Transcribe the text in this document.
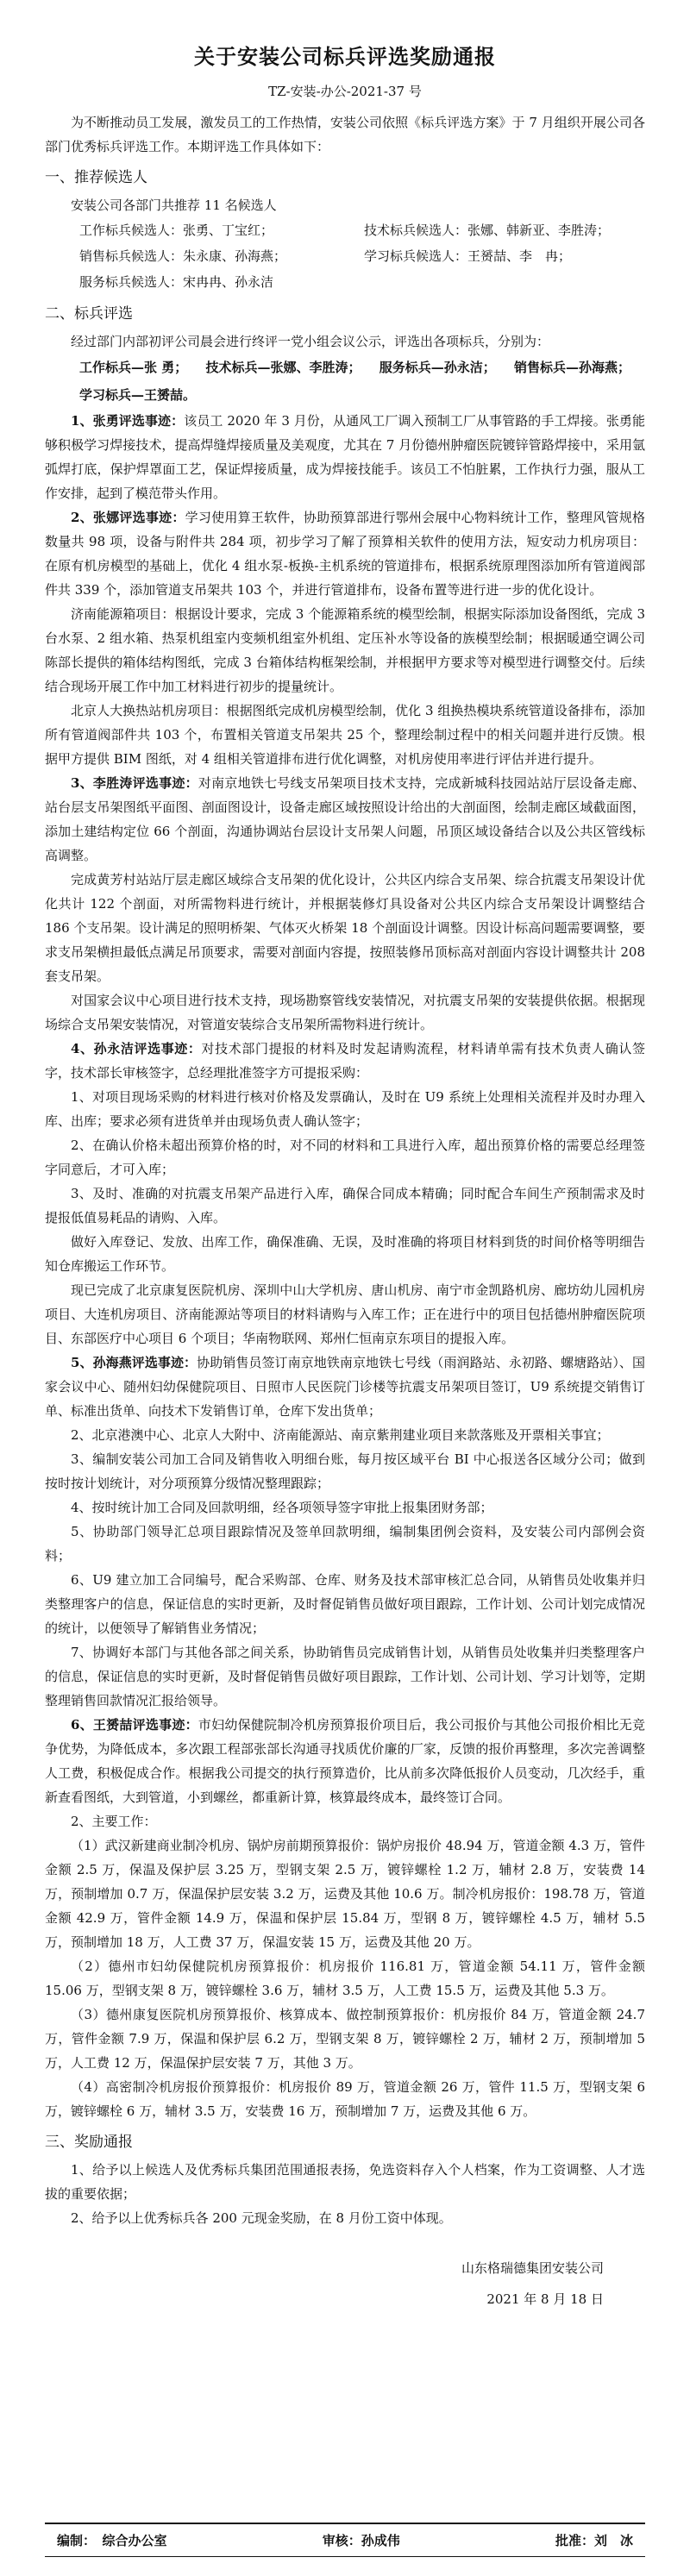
关于安装公司标兵评选奖励通报
TZ-安装-办公-2021-37 号

为不断推动员工发展，激发员工的工作热情，安装公司依照《标兵评选方案》于 7 月组织开展公司各部门优秀标兵评选工作。本期评选工作具体如下：

一、推荐候选人

安装公司各部门共推荐 11 名候选人

工作标兵候选人：张勇、丁宝红；	技术标兵候选人：张娜、韩新亚、李胜涛；
销售标兵候选人：朱永康、孙海燕；	学习标兵候选人：王赟喆、李　冉；
服务标兵候选人：宋冉冉、孙永洁
二、标兵评选

经过部门内部初评公司晨会进行终评一党小组会议公示，评选出各项标兵，分别为：

工作标兵—张 勇； 技术标兵—张娜、李胜涛； 服务标兵—孙永洁； 销售标兵—孙海燕；
学习标兵—王赟喆。

1、张勇评选事迹：该员工 2020 年 3 月份，从通风工厂调入预制工厂从事管路的手工焊接。张勇能够积极学习焊接技术，提高焊缝焊接质量及美观度，尤其在 7 月份德州肿瘤医院镀锌管路焊接中，采用氩弧焊打底，保护焊罩面工艺，保证焊接质量，成为焊接技能手。该员工不怕脏累，工作执行力强，服从工作安排，起到了模范带头作用。

2、张娜评选事迹：学习使用算王软件，协助预算部进行鄂州会展中心物料统计工作，整理风管规格数量共 98 项，设备与附件共 284 项，初步学习了解了预算相关软件的使用方法，短安动力机房项目：在原有机房模型的基础上，优化 4 组水泵-板换-主机系统的管道排布，根据系统原理图添加所有管道阀部件共 339 个，添加管道支吊架共 103 个，并进行管道排布，设备布置等进行进一步的优化设计。

济南能源箱项目：根据设计要求，完成 3 个能源箱系统的模型绘制，根据实际添加设备图纸，完成 3 台水泵、2 组水箱、热泵机组室内变频机组室外机组、定压补水等设备的族模型绘制；根据暖通空调公司陈部长提供的箱体结构图纸，完成 3 台箱体结构框架绘制，并根据甲方要求等对模型进行调整交付。后续结合现场开展工作中加工材料进行初步的提量统计。

北京人大换热站机房项目：根据图纸完成机房模型绘制，优化 3 组换热模块系统管道设备排布，添加所有管道阀部件共 103 个，布置相关管道支吊架共 25 个，整理绘制过程中的相关问题并进行反馈。根据甲方提供 BIM 图纸，对 4 组相关管道排布进行优化调整，对机房使用率进行评估并进行提升。

3、李胜涛评选事迹：对南京地铁七号线支吊架项目技术支持，完成新城科技园站站厅层设备走廊、站台层支吊架图纸平面图、剖面图设计，设备走廊区域按照设计给出的大剖面图，绘制走廊区域截面图，添加土建结构定位 66 个剖面，沟通协调站台层设计支吊架人问题，吊顶区域设备结合以及公共区管线标高调整。

完成黄芳村站站厅层走廊区域综合支吊架的优化设计，公共区内综合支吊架、综合抗震支吊架设计优化共计 122 个剖面，对所需物料进行统计，并根据装修灯具设备对公共区内综合支吊架设计调整结合 186 个支吊架。设计满足的照明桥架、气体灭火桥架 18 个剖面设计调整。因设计标高问题需要调整，要求支吊架横担最低点满足吊顶要求，需要对剖面内容提，按照装修吊顶标高对剖面内容设计调整共计 208 套支吊架。

对国家会议中心项目进行技术支持，现场勘察管线安装情况，对抗震支吊架的安装提供依据。根据现场综合支吊架安装情况，对管道安装综合支吊架所需物料进行统计。

4、孙永洁评选事迹：对技术部门提报的材料及时发起请购流程，材料请单需有技术负责人确认签字，技术部长审核签字，总经理批准签字方可提报采购：

1、对项目现场采购的材料进行核对价格及发票确认，及时在 U9 系统上处理相关流程并及时办理入库、出库；要求必须有进货单并由现场负责人确认签字；

2、在确认价格未超出预算价格的时，对不同的材料和工具进行入库，超出预算价格的需要总经理签字同意后，才可入库；

3、及时、准确的对抗震支吊架产品进行入库，确保合同成本精确；同时配合车间生产预制需求及时提报低值易耗品的请购、入库。

做好入库登记、发放、出库工作，确保准确、无误，及时准确的将项目材料到货的时间价格等明细告知仓库搬运工作环节。

现已完成了北京康复医院机房、深圳中山大学机房、唐山机房、南宁市金凯路机房、廊坊幼儿园机房项目、大连机房项目、济南能源站等项目的材料请购与入库工作；正在进行中的项目包括德州肿瘤医院项目、东部医疗中心项目 6 个项目；华南物联网、郑州仁恒南京东项目的提报入库。

5、孙海燕评选事迹：协助销售员签订南京地铁南京地铁七号线（雨润路站、永初路、螺塘路站）、国家会议中心、随州妇幼保健院项目、日照市人民医院门诊楼等抗震支吊架项目签订，U9 系统提交销售订单、标准出货单、向技术下发销售订单，仓库下发出货单；

2、北京港澳中心、北京人大附中、济南能源站、南京紫荆建业项目来款落账及开票相关事宜；

3、编制安装公司加工合同及销售收入明细台账，每月按区域平台 BI 中心报送各区域分公司；做到按时按计划统计，对分项预算分级情况整理跟踪；

4、按时统计加工合同及回款明细，经各项领导签字审批上报集团财务部；

5、协助部门领导汇总项目跟踪情况及签单回款明细，编制集团例会资料，及安装公司内部例会资料；

6、U9 建立加工合同编号，配合采购部、仓库、财务及技术部审核汇总合同，从销售员处收集并归类整理客户的信息，保证信息的实时更新，及时督促销售员做好项目跟踪，工作计划、公司计划完成情况的统计，以便领导了解销售业务情况；

7、协调好本部门与其他各部之间关系，协助销售员完成销售计划，从销售员处收集并归类整理客户的信息，保证信息的实时更新，及时督促销售员做好项目跟踪，工作计划、公司计划、学习计划等，定期整理销售回款情况汇报给领导。

6、王赟喆评选事迹：市妇幼保健院制冷机房预算报价项目后，我公司报价与其他公司报价相比无竞争优势，为降低成本，多次跟工程部张部长沟通寻找质优价廉的厂家，反馈的报价再整理，多次完善调整人工费，积极促成合作。根据我公司提交的执行预算造价，比从前多次降低报价人员变动，几次经手，重新查看图纸，大到管道，小到螺丝，都重新计算，核算最终成本，最终签订合同。

2、主要工作：

（1）武汉新建商业制冷机房、锅炉房前期预算报价：锅炉房报价 48.94 万，管道金额 4.3 万，管件金额 2.5 万，保温及保护层 3.25 万，型钢支架 2.5 万，镀锌螺栓 1.2 万，辅材 2.8 万，安装费 14 万，预制增加 0.7 万，保温保护层安装 3.2 万，运费及其他 10.6 万。制冷机房报价：198.78 万，管道金额 42.9 万，管件金额 14.9 万，保温和保护层 15.84 万，型钢 8 万，镀锌螺栓 4.5 万，辅材 5.5 万，预制增加 18 万，人工费 37 万，保温安装 15 万，运费及其他 20 万。

（2）德州市妇幼保健院机房预算报价：机房报价 116.81 万，管道金额 54.11 万，管件金额 15.06 万，型钢支架 8 万，镀锌螺栓 3.6 万，辅材 3.5 万，人工费 15.5 万，运费及其他 5.3 万。

（3）德州康复医院机房预算报价、核算成本、做控制预算报价：机房报价 84 万，管道金额 24.7 万，管件金额 7.9 万，保温和保护层 6.2 万，型钢支架 8 万，镀锌螺栓 2 万，辅材 2 万，预制增加 5 万，人工费 12 万，保温保护层安装 7 万，其他 3 万。

（4）高密制冷机房报价预算报价：机房报价 89 万，管道金额 26 万，管件 11.5 万，型钢支架 6 万，镀锌螺栓 6 万，辅材 3.5 万，安装费 16 万，预制增加 7 万，运费及其他 6 万。

三、奖励通报

1、给予以上候选人及优秀标兵集团范围通报表扬，免选资料存入个人档案，作为工资调整、人才选拔的重要依据；

2、给予以上优秀标兵各 200 元现金奖励，在 8 月份工资中体现。

山东格瑞德集团安装公司
2021 年 8 月 18 日
编制：　综合办公室	审核：孙成伟	批准：刘　冰
